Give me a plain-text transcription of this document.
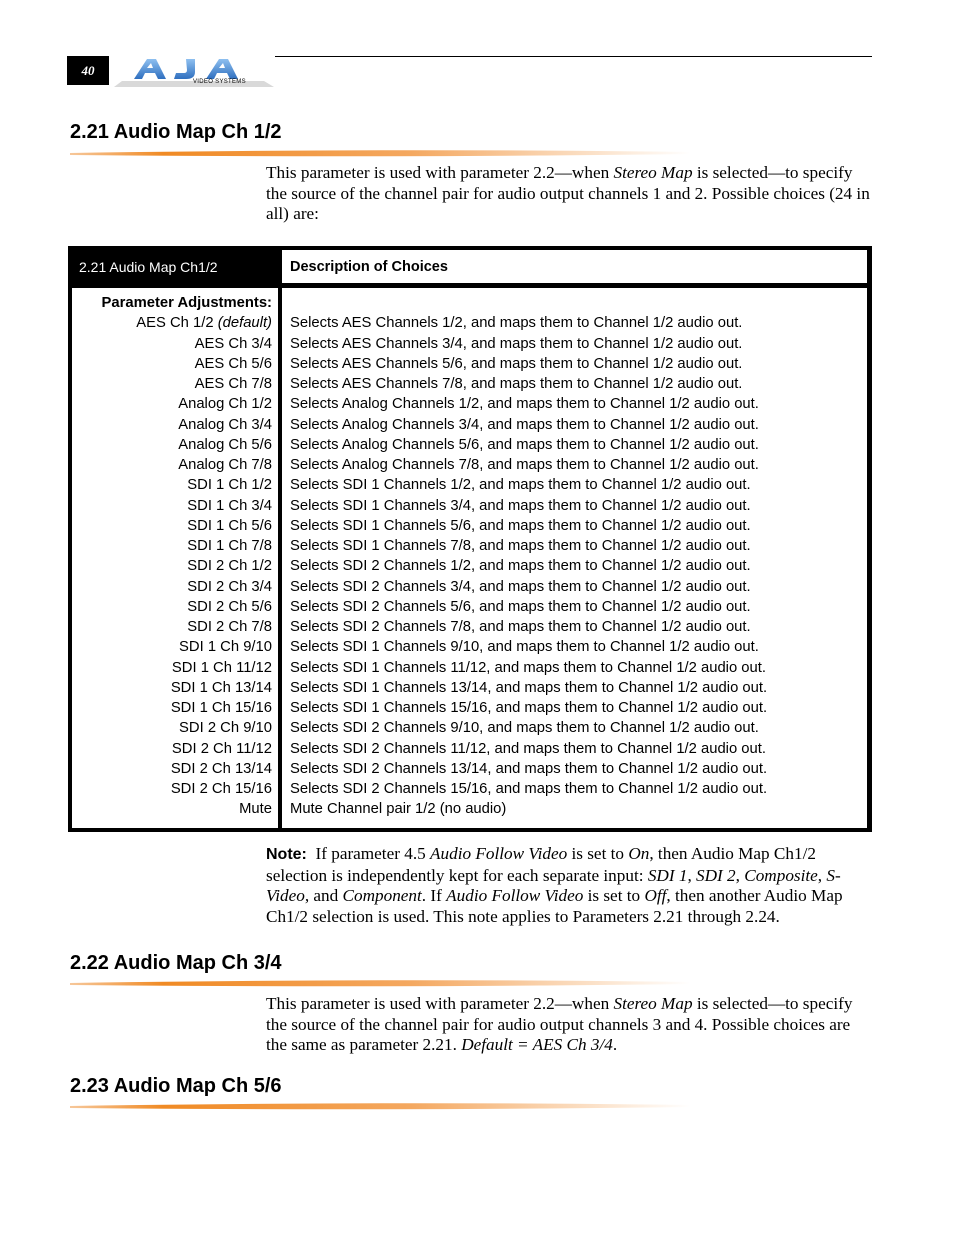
40
VIDEO SYSTEMS
2.21 Audio Map Ch 1/2

This parameter is used with parameter 2.2—when Stereo Map is selected—to specify the source of the channel pair for audio output channels 1 and 2. Possible choices (24 in all) are:

2.21 Audio Map Ch1/2	Description of Choices
Parameter Adjustments:
AES Ch 1/2 (default)
AES Ch 3/4
AES Ch 5/6
AES Ch 7/8
Analog Ch 1/2
Analog Ch 3/4
Analog Ch 5/6
Analog Ch 7/8
SDI 1 Ch 1/2
SDI 1 Ch 3/4
SDI 1 Ch 5/6
SDI 1 Ch 7/8
SDI 2 Ch 1/2
SDI 2 Ch 3/4
SDI 2 Ch 5/6
SDI 2 Ch 7/8
SDI 1 Ch 9/10
SDI 1 Ch 11/12
SDI 1 Ch 13/14
SDI 1 Ch 15/16
SDI 2 Ch 9/10
SDI 2 Ch 11/12
SDI 2 Ch 13/14
SDI 2 Ch 15/16
Mute
Selects AES Channels 1/2, and maps them to Channel 1/2 audio out.
Selects AES Channels 3/4, and maps them to Channel 1/2 audio out.
Selects AES Channels 5/6, and maps them to Channel 1/2 audio out.
Selects AES Channels 7/8, and maps them to Channel 1/2 audio out.
Selects Analog Channels 1/2, and maps them to Channel 1/2 audio out.
Selects Analog Channels 3/4, and maps them to Channel 1/2 audio out.
Selects Analog Channels 5/6, and maps them to Channel 1/2 audio out.
Selects Analog Channels 7/8, and maps them to Channel 1/2 audio out.
Selects SDI 1 Channels 1/2, and maps them to Channel 1/2 audio out.
Selects SDI 1 Channels 3/4, and maps them to Channel 1/2 audio out.
Selects SDI 1 Channels 5/6, and maps them to Channel 1/2 audio out.
Selects SDI 1 Channels 7/8, and maps them to Channel 1/2 audio out.
Selects SDI 2 Channels 1/2, and maps them to Channel 1/2 audio out.
Selects SDI 2 Channels 3/4, and maps them to Channel 1/2 audio out.
Selects SDI 2 Channels 5/6, and maps them to Channel 1/2 audio out.
Selects SDI 2 Channels 7/8, and maps them to Channel 1/2 audio out.
Selects SDI 1 Channels 9/10, and maps them to Channel 1/2 audio out.
Selects SDI 1 Channels 11/12, and maps them to Channel 1/2 audio out.
Selects SDI 1 Channels 13/14, and maps them to Channel 1/2 audio out.
Selects SDI 1 Channels 15/16, and maps them to Channel 1/2 audio out.
Selects SDI 2 Channels 9/10, and maps them to Channel 1/2 audio out.
Selects SDI 2 Channels 11/12, and maps them to Channel 1/2 audio out.
Selects SDI 2 Channels 13/14, and maps them to Channel 1/2 audio out.
Selects SDI 2 Channels 15/16, and maps them to Channel 1/2 audio out.
Mute Channel pair 1/2 (no audio)

Note: If parameter 4.5 Audio Follow Video is set to On, then Audio Map Ch1/2 selection is independently kept for each separate input: SDI 1, SDI 2, Composite, S-Video, and Component. If Audio Follow Video is set to Off, then another Audio Map Ch1/2 selection is used. This note applies to Parameters 2.21 through 2.24.

2.22 Audio Map Ch 3/4

This parameter is used with parameter 2.2—when Stereo Map is selected—to specify the source of the channel pair for audio output channels 3 and 4. Possible choices are the same as parameter 2.21. Default = AES Ch 3/4.

2.23 Audio Map Ch 5/6
